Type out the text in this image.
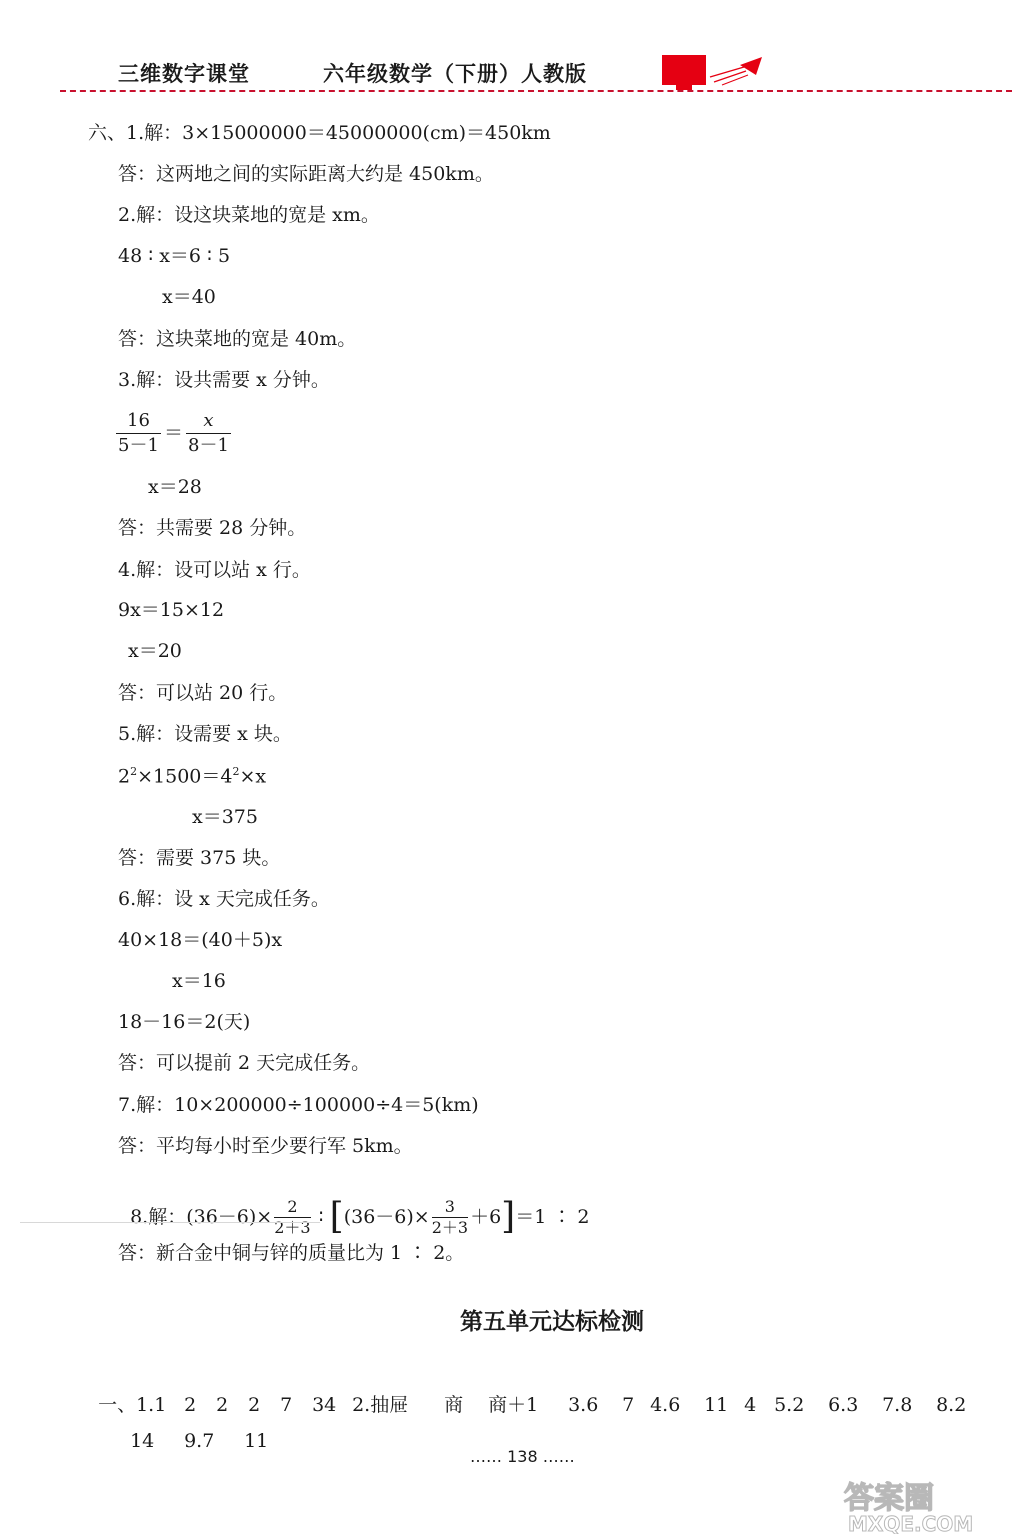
三维数字课堂	六年级数学（下册）人教版
六、1.解：3×15000000＝45000000(cm)＝450km
答：这两地之间的实际距离大约是 450km。
2.解：设这块菜地的宽是 xm。
48 ∶ x＝6 ∶ 5
x＝40
答：这块菜地的宽是 40m。
3.解：设共需要 x 分钟。
$\frac{16}{5-1} = \frac{x}{8-1}$
x＝28
答：共需要 28 分钟。
4.解：设可以站 x 行。
9x＝15×12
x＝20
答：可以站 20 行。
5.解：设需要 x 块。
$2^2\times 1500=4^2\times x$
x＝375
答：需要 375 块。
6.解：设 x 天完成任务。
40×18＝(40＋5)x
x＝16
18－16＝2(天)
答：可以提前 2 天完成任务。
7.解：10×200000÷100000÷4＝5(km)
答：平均每小时至少要行军 5km。

8.解：$(36-6)\times \frac{2}{2+3}$ ∶ $[(36-6)\times \frac{3}{2+3} +6]=1$ ∶ 2

答：新合金中铜与锌的质量比为 1 ∶ 2。
第五单元达标检测

一、1.1 2 2 2 7 34 2.抽屉 商 商＋1 3.6 7 4.6 11 4 5.2 6.3 7.8 8.2

14 9.7 11

…… 138 ……
答案圈
MXQE.COM
